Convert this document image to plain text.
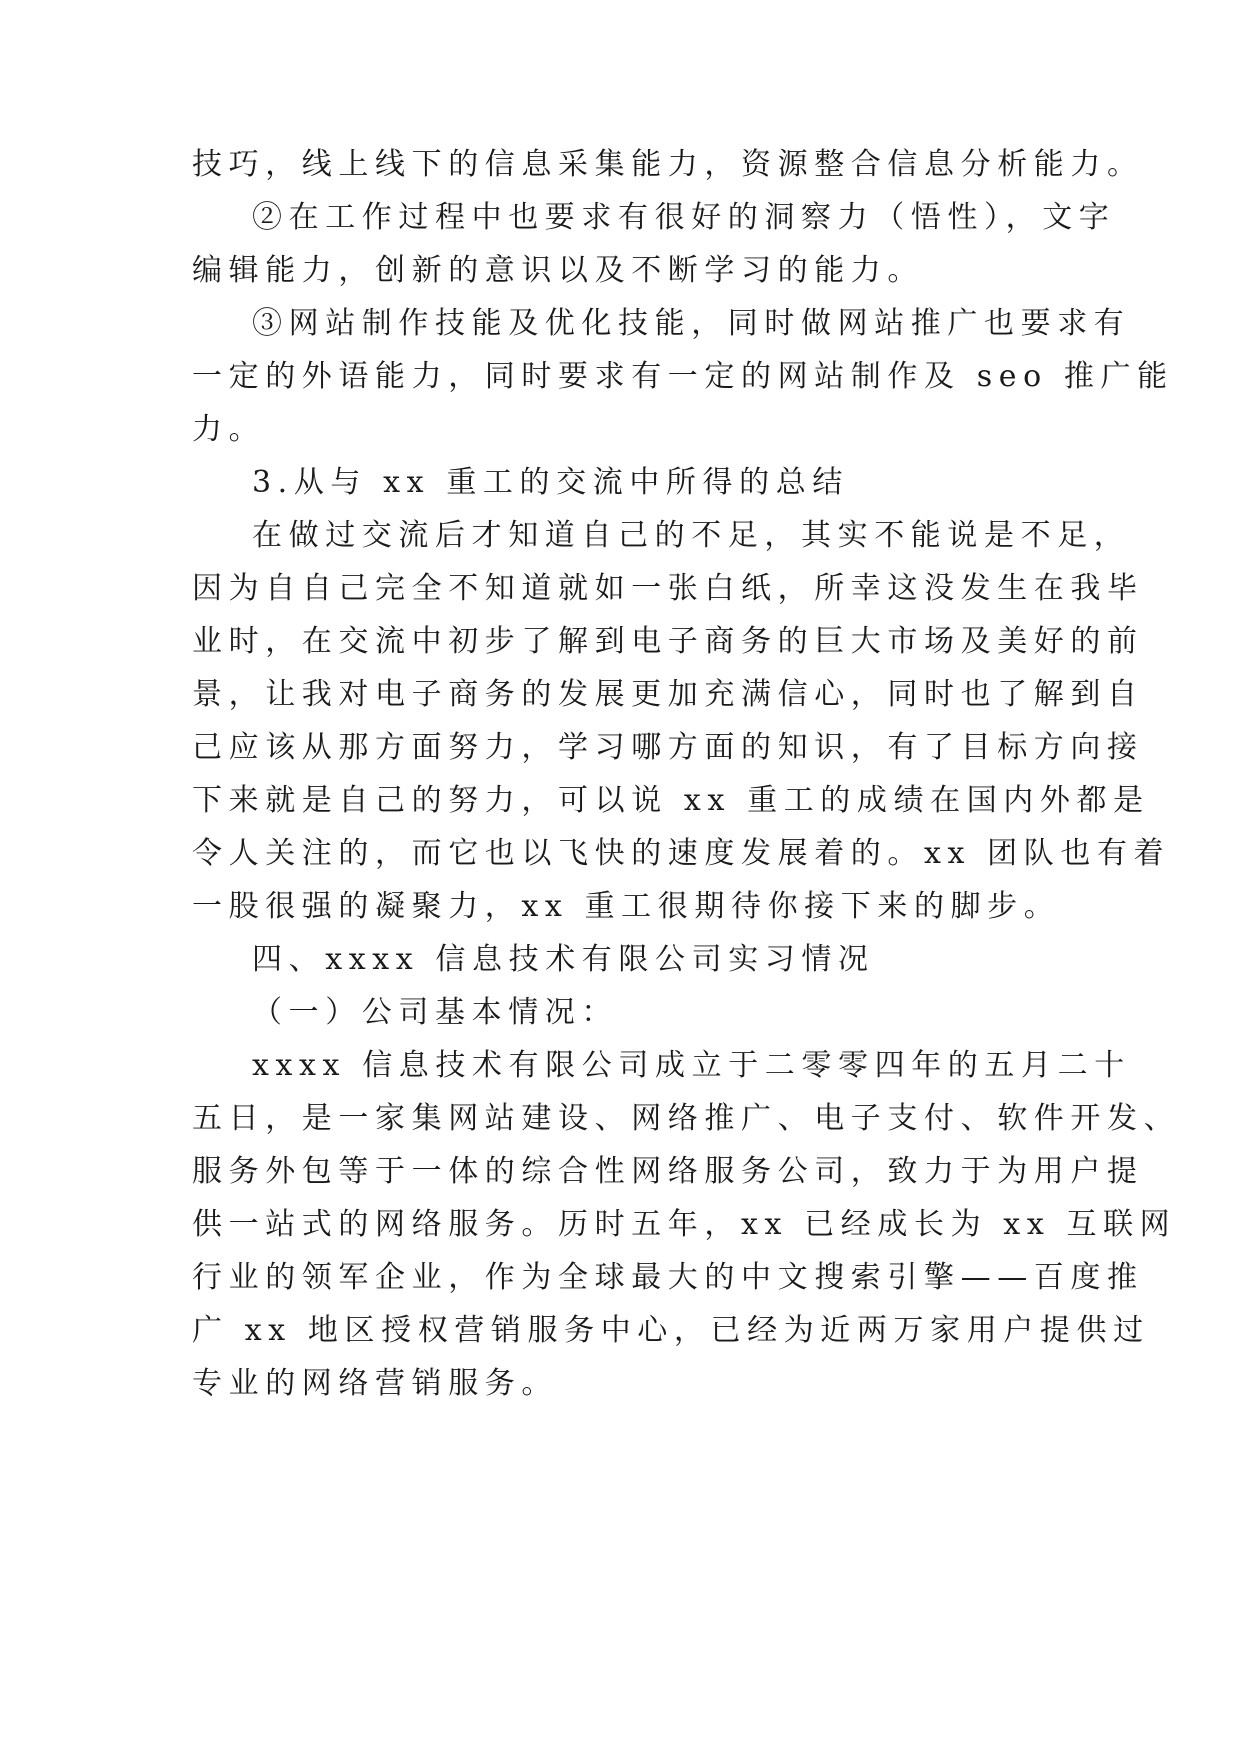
技巧，线上线下的信息采集能力，资源整合信息分析能力。
②在工作过程中也要求有很好的洞察力（悟性），文字
编辑能力，创新的意识以及不断学习的能力。
③网站制作技能及优化技能，同时做网站推广也要求有
一定的外语能力，同时要求有一定的网站制作及 seo 推广能
力。
3.从与 xx 重工的交流中所得的总结
在做过交流后才知道自己的不足，其实不能说是不足，
因为自自己完全不知道就如一张白纸，所幸这没发生在我毕
业时，在交流中初步了解到电子商务的巨大市场及美好的前
景，让我对电子商务的发展更加充满信心，同时也了解到自
己应该从那方面努力，学习哪方面的知识，有了目标方向接
下来就是自己的努力，可以说 xx 重工的成绩在国内外都是
令人关注的，而它也以飞快的速度发展着的。xx 团队也有着
一股很强的凝聚力，xx 重工很期待你接下来的脚步。
四、xxxx 信息技术有限公司实习情况
（一）公司基本情况：
xxxx 信息技术有限公司成立于二零零四年的五月二十
五日，是一家集网站建设、网络推广、电子支付、软件开发、
服务外包等于一体的综合性网络服务公司，致力于为用户提
供一站式的网络服务。历时五年，xx 已经成长为 xx 互联网
行业的领军企业，作为全球最大的中文搜索引擎——百度推
广 xx 地区授权营销服务中心，已经为近两万家用户提供过
专业的网络营销服务。
